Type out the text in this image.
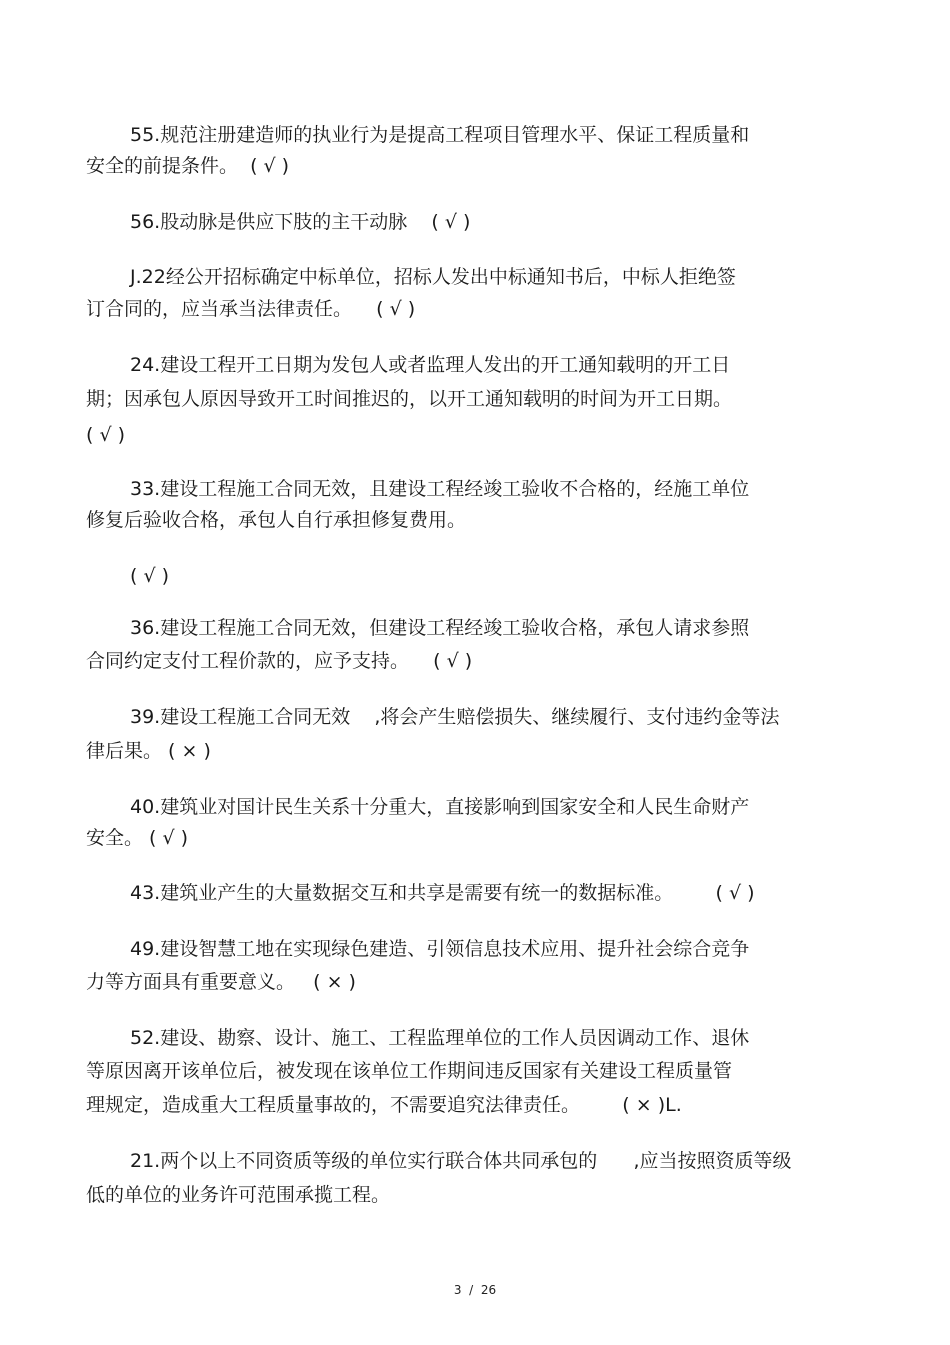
55.规范注册建造师的执业行为是提高工程项目管理水平、保证工程质量和
安全的前提条件。  ( √ )
56.股动脉是供应下肢的主干动脉    ( √ )
J.22经公开招标确定中标单位，招标人发出中标通知书后，中标人拒绝签
订合同的，应当承当法律责任。    ( √ )
24.建设工程开工日期为发包人或者监理人发出的开工通知载明的开工日
期；因承包人原因导致开工时间推迟的，以开工通知载明的时间为开工日期。
( √ )
33.建设工程施工合同无效，且建设工程经竣工验收不合格的，经施工单位
修复后验收合格，承包人自行承担修复费用。
( √ )
36.建设工程施工合同无效，但建设工程经竣工验收合格，承包人请求参照
合同约定支付工程价款的，应予支持。    ( √ )
39.建设工程施工合同无效    ,将会产生赔偿损失、继续履行、支付违约金等法
律后果。 ( × )
40.建筑业对国计民生关系十分重大，直接影响到国家安全和人民生命财产
安全。 ( √ )
43.建筑业产生的大量数据交互和共享是需要有统一的数据标准。       ( √ )
49.建设智慧工地在实现绿色建造、引领信息技术应用、提升社会综合竞争
力等方面具有重要意义。   ( × )
52.建设、勘察、设计、施工、工程监理单位的工作人员因调动工作、退休
等原因离开该单位后，被发现在该单位工作期间违反国家有关建设工程质量管
理规定，造成重大工程质量事故的，不需要追究法律责任。       ( × )L.
21.两个以上不同资质等级的单位实行联合体共同承包的      ,应当按照资质等级
低的单位的业务许可范围承揽工程。
3  /  26
